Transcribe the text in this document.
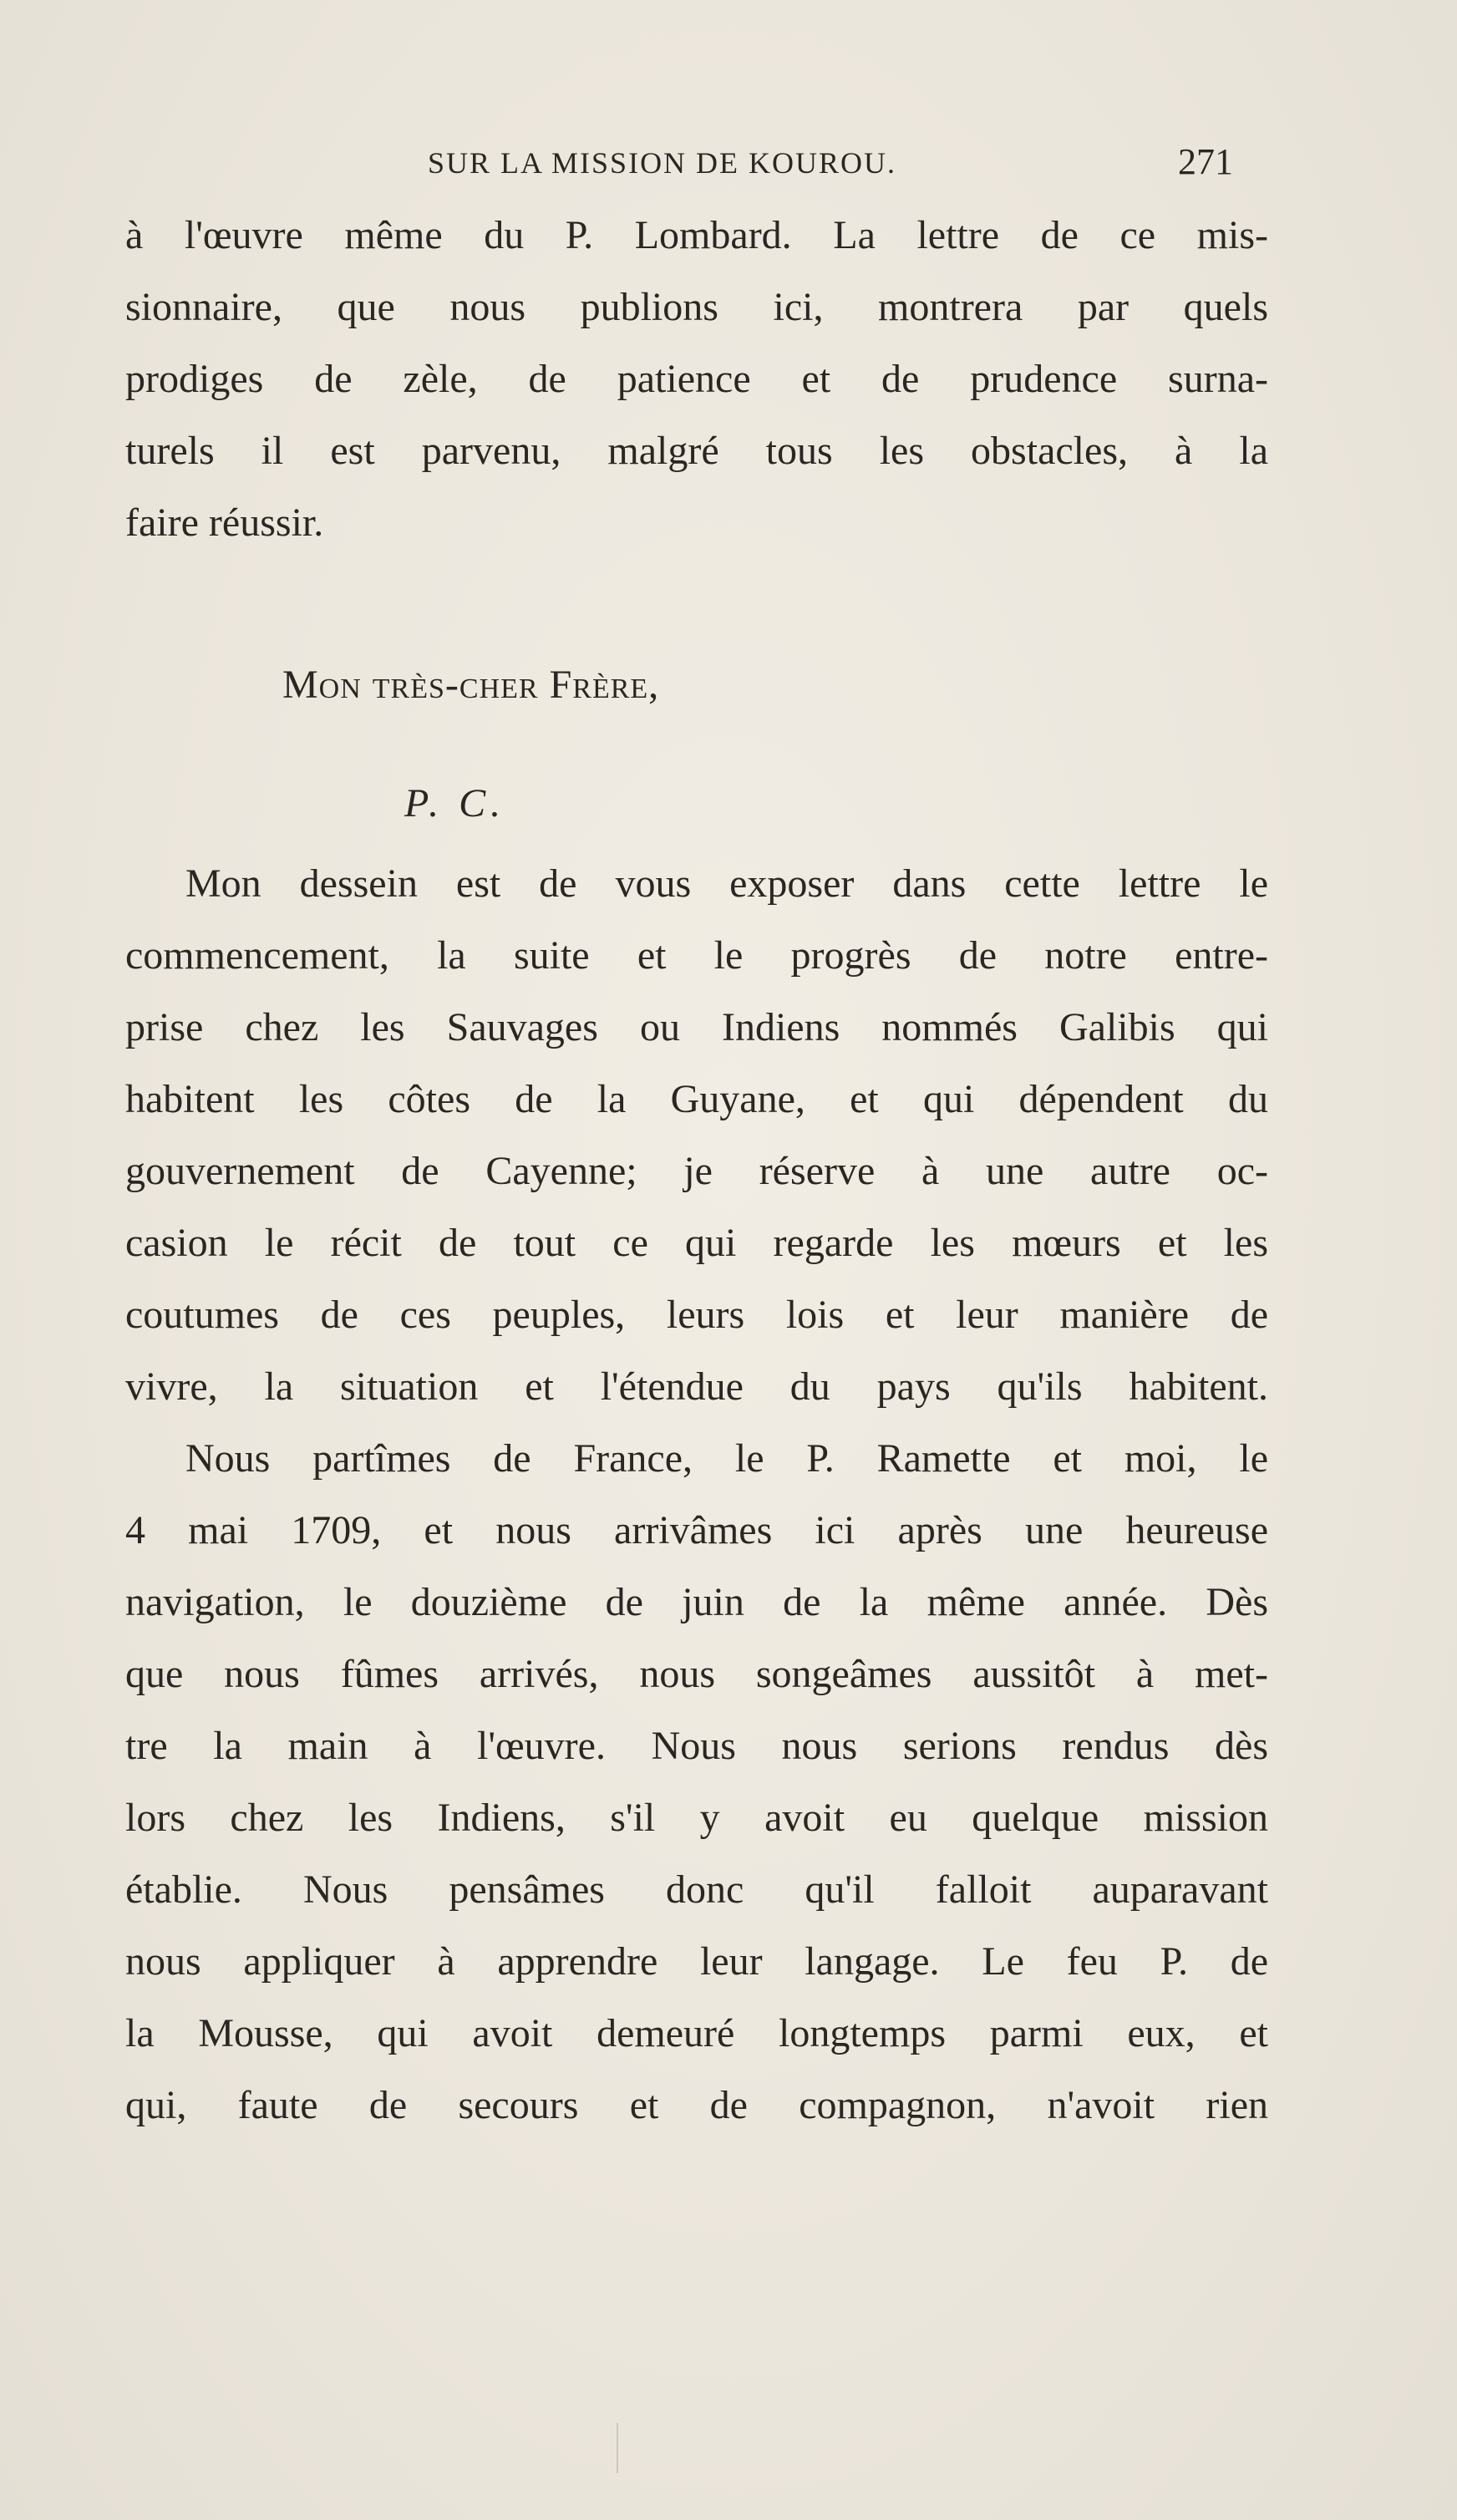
SUR LA MISSION DE KOUROU.	271
à l'œuvre même du P. Lombard. La lettre de ce mis-
sionnaire, que nous publions ici, montrera par quels
prodiges de zèle, de patience et de prudence surna-
turels il est parvenu, malgré tous les obstacles, à la
faire réussir.
Mon très-cher Frère,
P. C.
Mon dessein est de vous exposer dans cette lettre le
commencement, la suite et le progrès de notre entre-
prise chez les Sauvages ou Indiens nommés Galibis qui
habitent les côtes de la Guyane, et qui dépendent du
gouvernement de Cayenne; je réserve à une autre oc-
casion le récit de tout ce qui regarde les mœurs et les
coutumes de ces peuples, leurs lois et leur manière de
vivre, la situation et l'étendue du pays qu'ils habitent.
Nous partîmes de France, le P. Ramette et moi, le
4 mai 1709, et nous arrivâmes ici après une heureuse
navigation, le douzième de juin de la même année. Dès
que nous fûmes arrivés, nous songeâmes aussitôt à met-
tre la main à l'œuvre. Nous nous serions rendus dès
lors chez les Indiens, s'il y avoit eu quelque mission
établie. Nous pensâmes donc qu'il falloit auparavant
nous appliquer à apprendre leur langage. Le feu P. de
la Mousse, qui avoit demeuré longtemps parmi eux, et
qui, faute de secours et de compagnon, n'avoit rien
